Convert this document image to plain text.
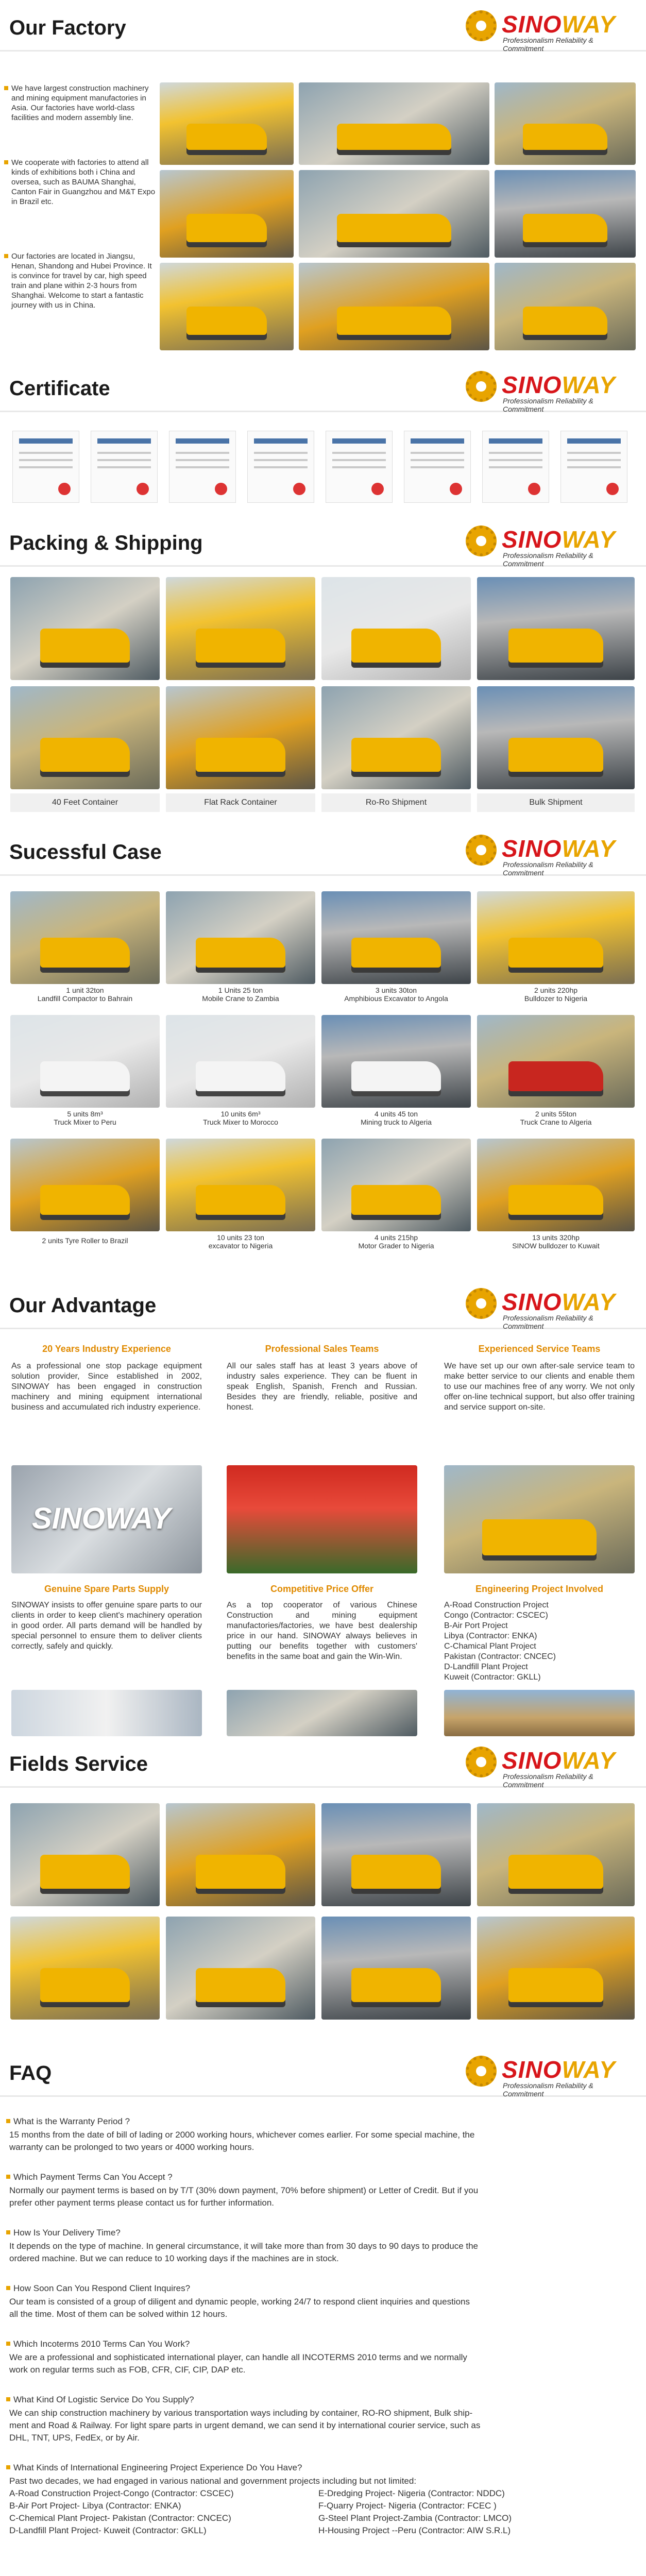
Our Factory	SINOWAY
Professionalism Reliability & Commitment
We have largest construction machinery and mining equipment manufactories in Asia. Our factories have world-class facilities and modern assembly line.
We cooperate with factories to attend all kinds of exhibitions both i China and oversea, such as BAUMA Shanghai, Canton Fair in Guangzhou and M&T Expo in Brazil etc.
Our factories are located in Jiangsu, Henan, Shandong and Hubei Province. It is convince for travel by car, high speed train and plane within 2-3 hours from Shanghai. Welcome to start a fantastic journey with us in China.
Certificate	SINOWAY
Professionalism Reliability & Commitment
Packing & Shipping	SINOWAY
Professionalism Reliability & Commitment
40 Feet Container	Flat Rack Container	Ro-Ro Shipment	Bulk Shipment
Sucessful Case	SINOWAY
Professionalism Reliability & Commitment
1 unit 32ton
Landfill Compactor to Bahrain
1 Units 25 ton
Mobile Crane to Zambia
3 units 30ton
Amphibious Excavator to Angola
2 units 220hp
Bulldozer to Nigeria
5 units 8m³
Truck Mixer to Peru
10 units 6m³
Truck Mixer to Morocco
4 units 45 ton
Mining truck to Algeria
2 units 55ton
Truck Crane to Algeria
2 units Tyre Roller to Brazil	10 units 23 ton
excavator to Nigeria
4 units 215hp
Motor Grader to Nigeria
13 units 320hp
SINOW bulldozer to Kuwait
Our Advantage	SINOWAY
Professionalism Reliability & Commitment
20 Years Industry Experience	Professional Sales Teams	Experienced Service Teams
As a professional one stop package equipment solution provider, Since established in 2002, SINOWAY has been engaged in construction machinery and mining equipment international business and accumulated rich industry experience.
All our sales staff has at least 3 years above of industry sales experience. They can be fluent in speak English, Spanish, French and Russian. Besides they are friendly, reliable, positive and honest.
We have set up our own after-sale service team to make better service to our clients and enable them to use our machines free of any worry. We not only offer on-line technical support, but also offer training and service support on-site.
SINOWAY
Genuine Spare Parts Supply	Competitive Price Offer	Engineering Project Involved
SINOWAY insists to offer genuine spare parts to our clients in order to keep client's machinery operation in good order. All parts demand will be handled by special personnel to ensure them to deliver clients correctly, safely and quickly.
As a top cooperator of various Chinese Construction and mining equipment manufactories/factories, we have best dealership price in our hand. SINOWAY always believes in putting our benefits together with customers' benefits in the same boat and gain the Win-Win.
A-Road Construction Project
Congo (Contractor: CSCEC)
B-Air Port Project
Libya (Contractor: ENKA)
C-Chamical Plant Project
Pakistan (Contractor: CNCEC)
D-Landfill Plant Project
Kuweit (Contractor: GKLL)
Fields Service	SINOWAY
Professionalism Reliability & Commitment
FAQ	SINOWAY
Professionalism Reliability & Commitment
What is the Warranty Period ?
15 months from the date of bill of lading or 2000 working hours, whichever comes earlier. For some special machine, the
warranty can be prolonged to two years or 4000 working hours.
Which Payment Terms Can You Accept ?
Normally our payment terms is based on by T/T (30% down payment, 70% before shipment) or Letter of Credit. But if you
prefer other payment terms please contact us for further information.
How Is Your Delivery Time?
It depends on the type of machine. In general circumstance, it will take more than from 30 days to 90 days to produce the
ordered machine. But we can reduce to 10 working days if the machines are in stock.
How Soon Can You Respond Client Inquires?
Our team is consisted of a group of diligent and dynamic people, working 24/7 to respond client inquiries and questions
all the time. Most of them can be solved within 12 hours.
Which Incoterms 2010 Terms Can You Work?
We are a professional and sophisticated international player, can handle all INCOTERMS 2010 terms and we normally
work on regular terms such as FOB, CFR, CIF, CIP, DAP etc.
What Kind Of Logistic Service Do You Supply?
We can ship construction machinery by various transportation ways including by container, RO-RO shipment, Bulk ship-
ment and Road & Railway. For light spare parts in urgent demand, we can send it by international courier service, such as
DHL, TNT, UPS, FedEx, or by Air.
What Kinds of International Engineering Project Experience Do You Have?
Past two decades, we had engaged in various national and government projects including but not limited:
A-Road Construction Project-Congo (Contractor: CSCEC)
B-Air Port Project- Libya (Contractor: ENKA)
C-Chemical Plant Project- Pakistan (Contractor: CNCEC)
D-Landfill Plant Project- Kuweit (Contractor: GKLL)
E-Dredging Project- Nigeria (Contractor: NDDC)
F-Quarry Project- Nigeria (Contractor: FCEC )
G-Steel Plant Project-Zambia (Contractor: LMCO)
H-Housing Project --Peru (Contractor: AIW S.R.L)
